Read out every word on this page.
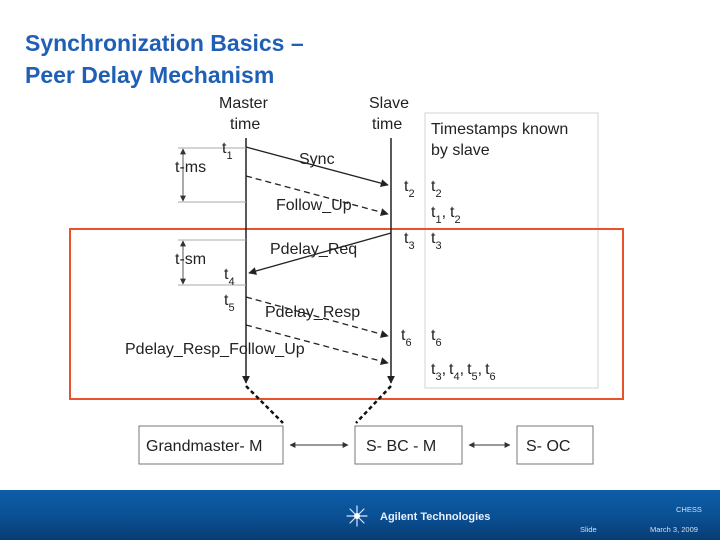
Synchronization Basics –
Peer Delay Mechanism
Timestamps known
by slave
Master
time
Slave
time
t-ms
t-sm
Sync
Follow_Up
Pdelay_Req
Pdelay_Resp
Pdelay_Resp_Follow_Up
$t_1$
$t_4$
$t_5$
$t_2$
$t_3$
$t_6$
$t_2$
$t_1$, $t_2$
$t_3$
$t_6$
$t_3$, $t_4$, $t_5$, $t_6$
Grandmaster- M	S- BC - M	S- OC
Agilent Technologies
CHESS
Slide	March 3, 2009
